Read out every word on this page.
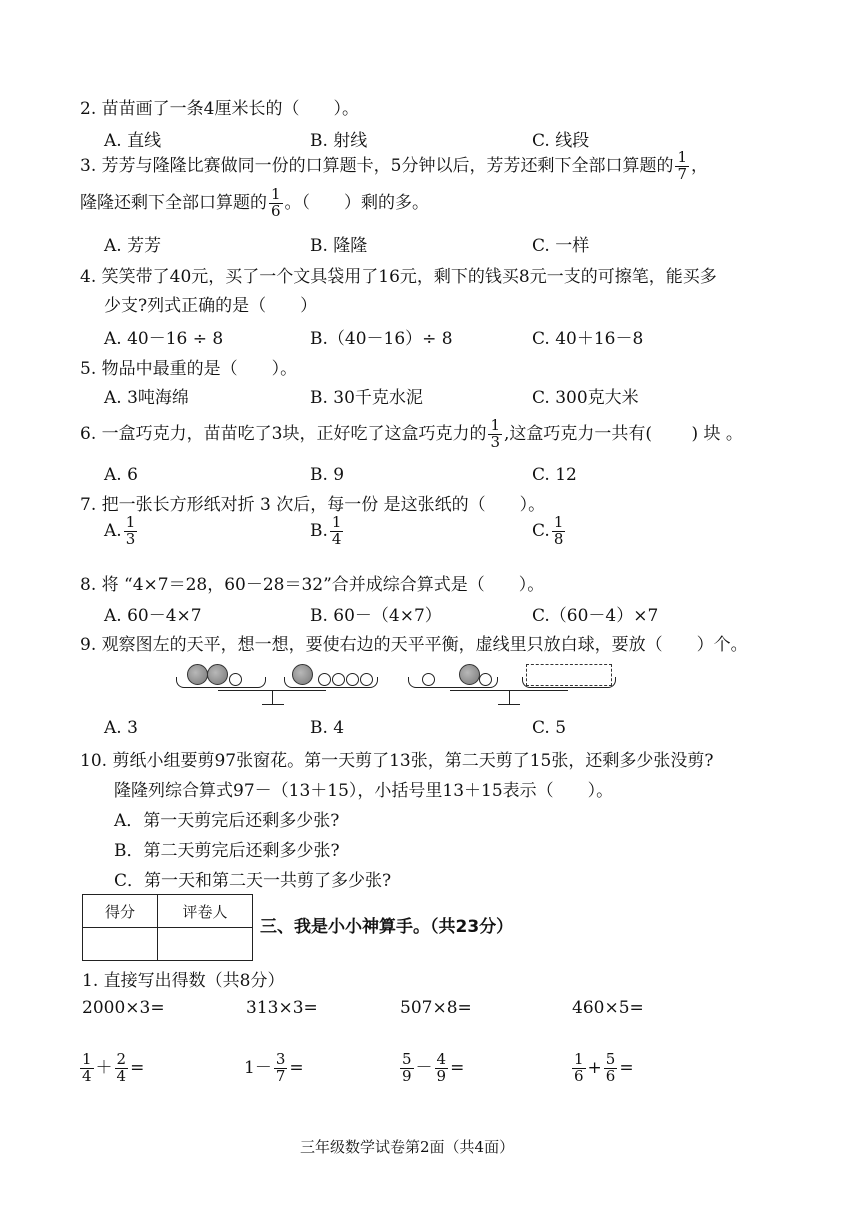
2. 苗苗画了一条4厘米长的（　　）。
A. 直线	B. 射线	C. 线段
3. 芳芳与隆隆比赛做同一份的口算题卡，5分钟以后，芳芳还剩下全部口算题的 $\frac{1}{7}$ ，
隆隆还剩下全部口算题的 $\frac{1}{6}$ 。（　　）剩的多。
A. 芳芳	B. 隆隆	C. 一样
4. 笑笑带了40元，买了一个文具袋用了16元，剩下的钱买8元一支的可擦笔，能买多
少支?列式正确的是（　　）
A. 40－16 ÷ 8	B.（40－16）÷ 8	C. 40＋16－8
5. 物品中最重的是（　　）。
A. 3吨海绵	B. 30千克水泥	C. 300克大米
6. 一盒巧克力，苗苗吃了3块，正好吃了这盒巧克力的 $\frac{1}{3}$ ,这盒巧克力一共有(　　 ) 块 。
A. 6	B. 9	C. 12
7. 把一张长方形纸对折 3 次后，每一份 是这张纸的（　　）。
A. $\frac{1}{3}$	B. $\frac{1}{4}$	C. $\frac{1}{8}$
8. 将 “4×7＝28，60－28＝32”合并成综合算式是（　　）。
A. 60－4×7	B. 60－（4×7）	C.（60－4）×7
9. 观察图左的天平，想一想，要使右边的天平平衡，虚线里只放白球，要放（　　）个。
A. 3	B. 4	C. 5
10. 剪纸小组要剪97张窗花。第一天剪了13张，第二天剪了15张，还剩多少张没剪?
隆隆列综合算式97－（13＋15），小括号里13＋15表示（　　）。
A．第一天剪完后还剩多少张?
B．第二天剪完后还剩多少张?
C．第一天和第二天一共剪了多少张?
得分	评卷人

三、我是小小神算手。（共23分）
1. 直接写出得数（共8分）
2000×3=	313×3=	507×8=	460×5=
$\frac{1}{4} + \frac{2}{4}$ =	$1- \frac{3}{7}$ =	$\frac{5}{9} - \frac{4}{9}$ =	$\frac{1}{6} + \frac{5}{6}$ =
三年级数学试卷第2面（共4面）
